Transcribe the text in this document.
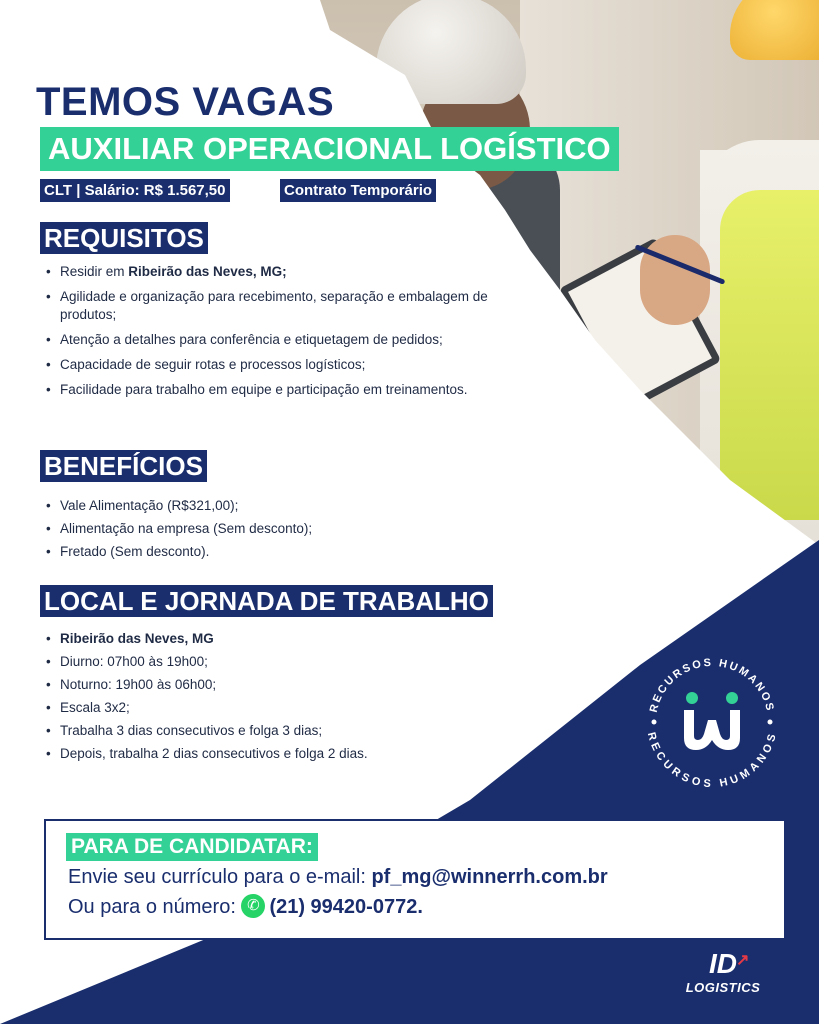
TEMOS VAGAS
AUXILIAR OPERACIONAL LOGÍSTICO
CLT | Salário: R$ 1.567,50	Contrato Temporário
REQUISITOS
• Residir em Ribeirão das Neves, MG;
• Agilidade e organização para recebimento, separação e embalagem de produtos;
• Atenção a detalhes para conferência e etiquetagem de pedidos;
• Capacidade de seguir rotas e processos logísticos;
• Facilidade para trabalho em equipe e participação em treinamentos.
BENEFÍCIOS
• Vale Alimentação (R$321,00);
• Alimentação na empresa (Sem desconto);
• Fretado (Sem desconto).
LOCAL E JORNADA DE TRABALHO
• Ribeirão das Neves, MG
• Diurno: 07h00 às 19h00;
• Noturno: 19h00 às 06h00;
• Escala 3x2;
• Trabalha 3 dias consecutivos e folga 3 dias;
• Depois, trabalha 2 dias consecutivos e folga 2 dias.
RECURSOS HUMANOS
RECURSOS HUMANOS
PARA DE CANDIDATAR:
Envie seu currículo para o e-mail: pf_mg@winnerrh.com.br
Ou para o número: ✆(21) 99420-0772.
ID ↗
LOGISTICS
